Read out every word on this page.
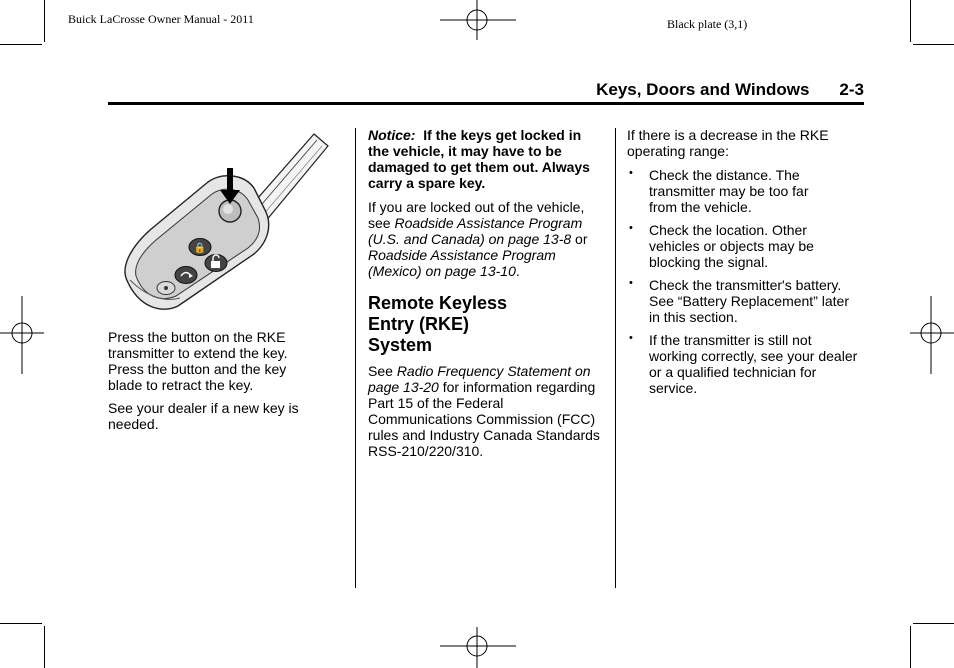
Buick LaCrosse Owner Manual - 2011	Black plate (3,1)
Keys, Doors and Windows 2-3
🔒

Press the button on the RKE transmitter to extend the key. Press the button and the key blade to retract the key.

See your dealer if a new key is needed.

Notice: If the keys get locked in the vehicle, it may have to be damaged to get them out. Always carry a spare key.

If you are locked out of the vehicle, see Roadside Assistance Program (U.S. and Canada) on page 13-8 or Roadside Assistance Program (Mexico) on page 13-10.

Remote Keyless Entry (RKE) System

See Radio Frequency Statement on page 13-20 for information regarding Part 15 of the Federal Communications Commission (FCC) rules and Industry Canada Standards RSS-210/220/310.

If there is a decrease in the RKE operating range:

• Check the distance. The transmitter may be too far from the vehicle.
• Check the location. Other vehicles or objects may be blocking the signal.
• Check the transmitter's battery. See “Battery Replacement” later in this section.
• If the transmitter is still not working correctly, see your dealer or a qualified technician for service.
